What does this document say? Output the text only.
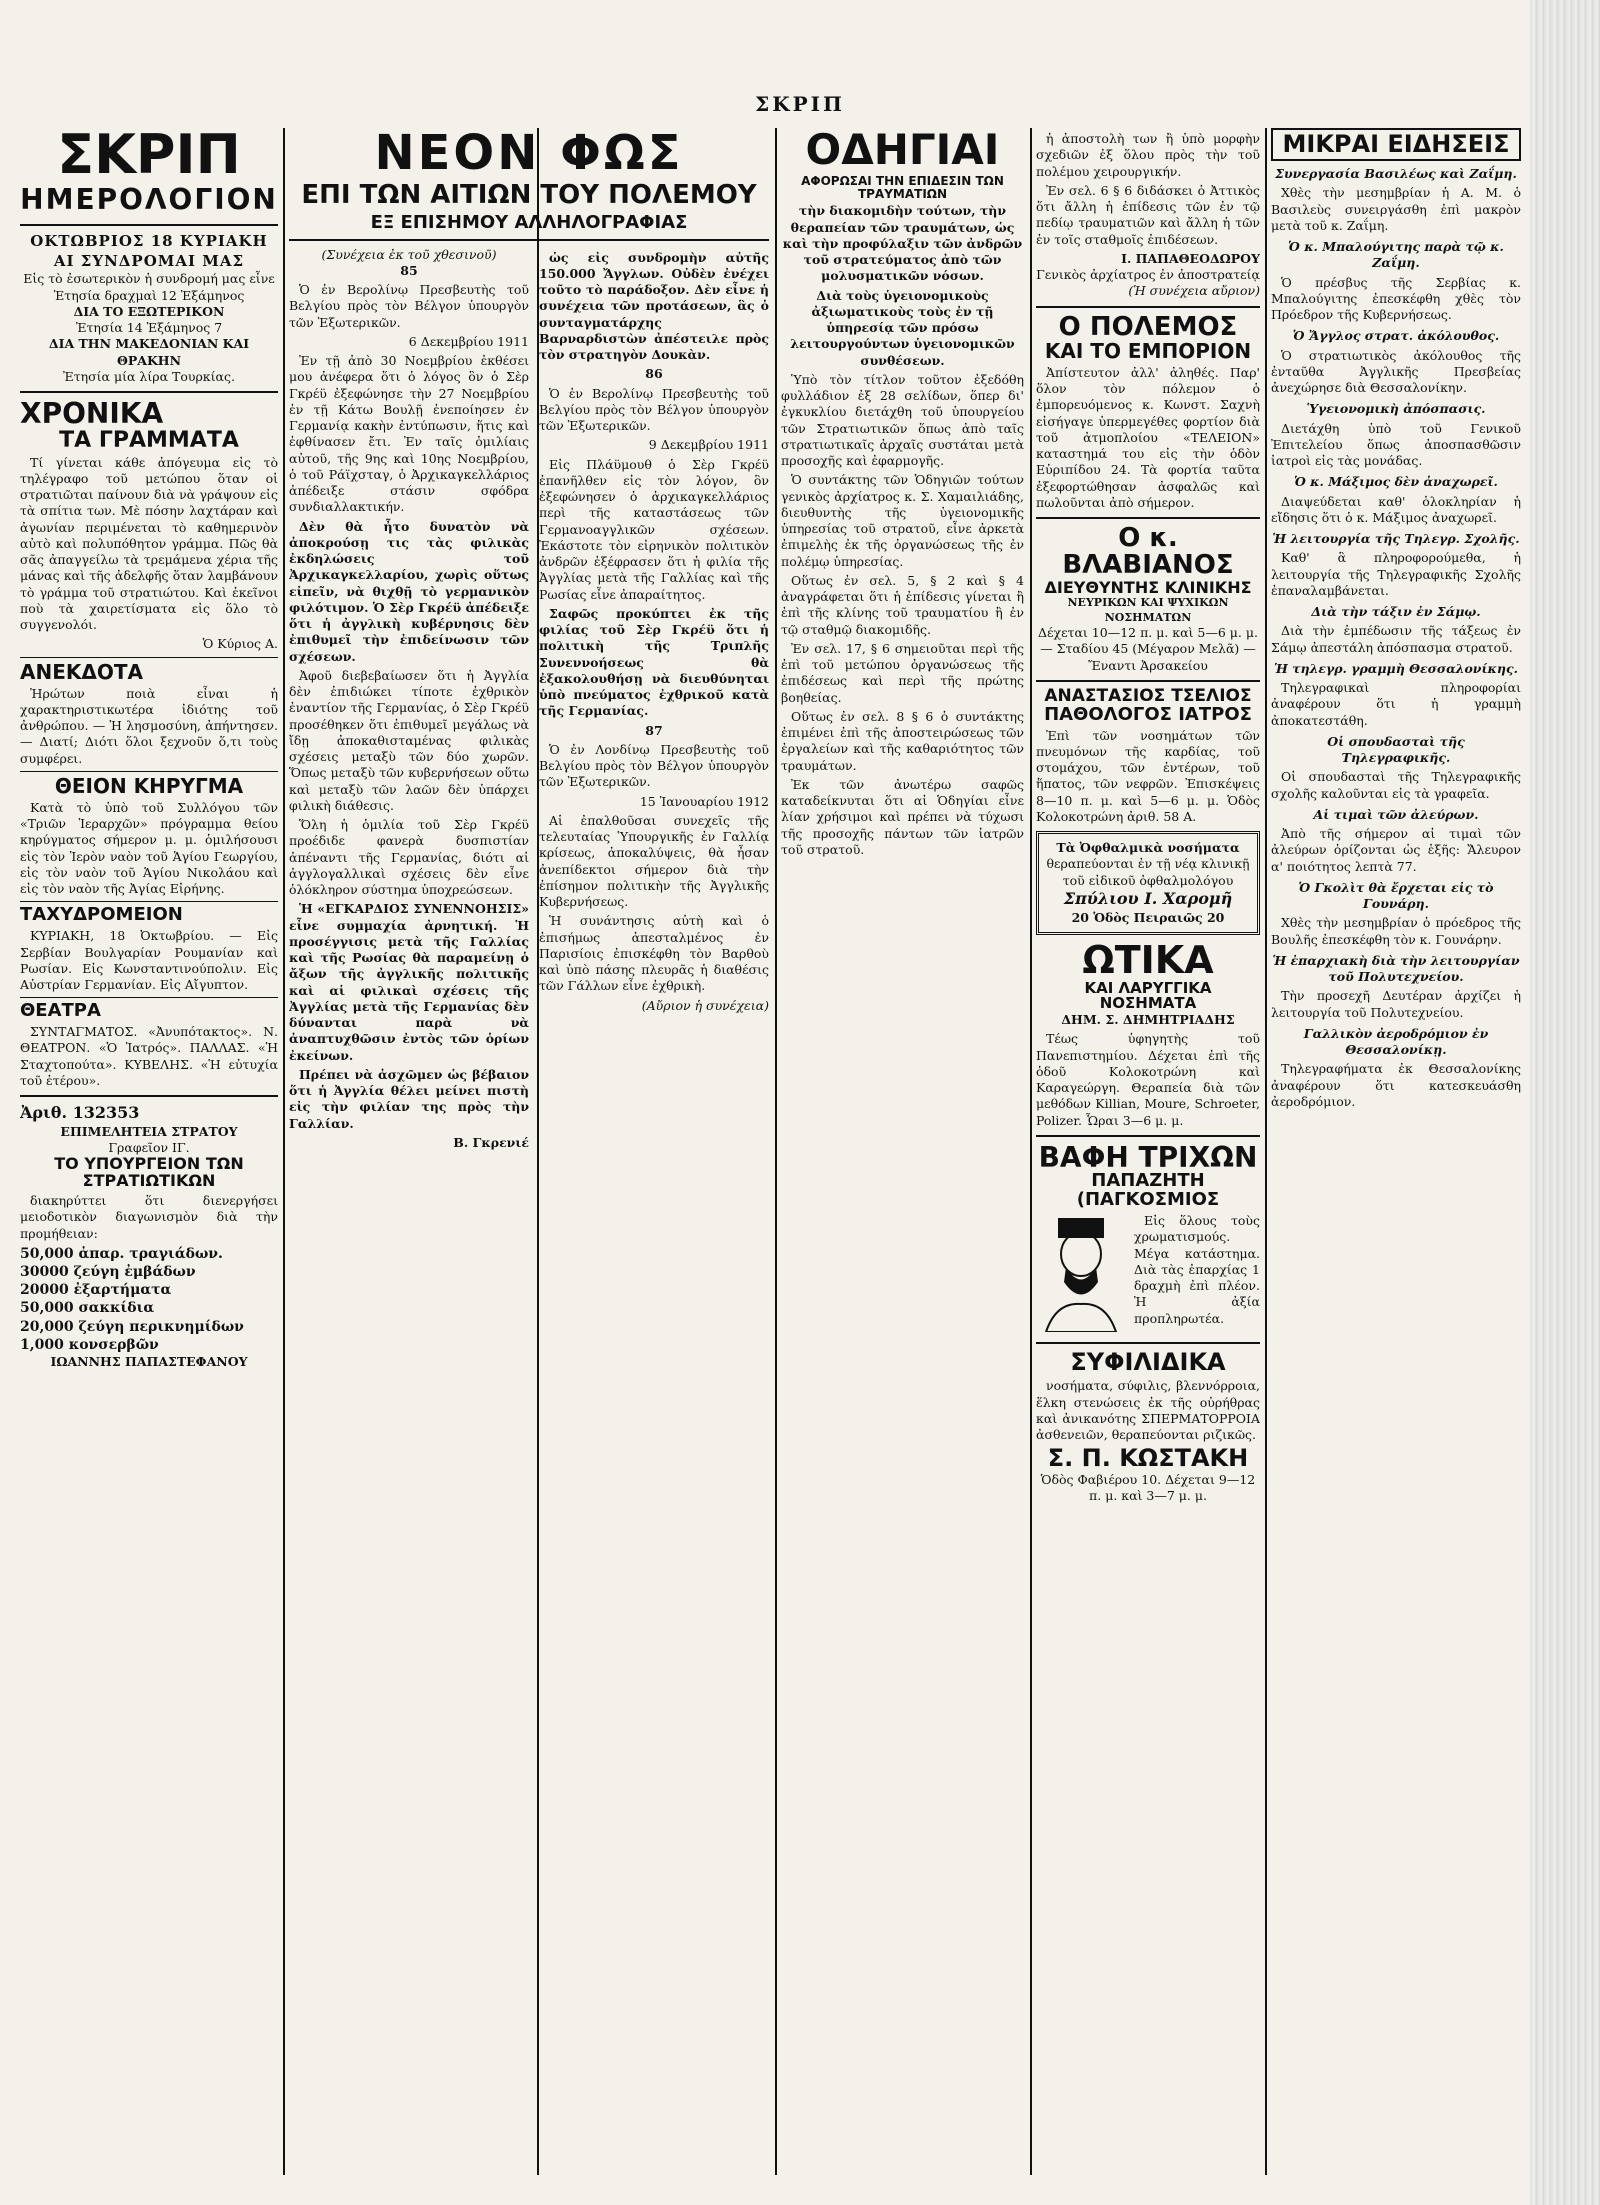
ΣΚΡΙΠ
ΣΚΡΙΠ
ΗΜΕΡΟΛΟΓΙΟΝ
ΟΚΤΩΒΡΙΟΣ 18 ΚΥΡΙΑΚΗ
ΑΙ ΣΥΝΔΡΟΜΑΙ ΜΑΣ
Εἰς τὸ ἐσωτερικὸν ἡ συνδρομή μας εἶνε
Ἐτησία δραχμαὶ 12 Ἑξάμηνος
ΔΙΑ ΤΟ ΕΞΩΤΕΡΙΚΟΝ
Ἐτησία 14 Ἑξάμηνος 7
ΔΙΑ ΤΗΝ ΜΑΚΕΔΟΝΙΑΝ ΚΑΙ ΘΡΑΚΗΝ
Ἐτησία μία λίρα Τουρκίας.
ΧΡΟΝΙΚΑ
ΤΑ ΓΡΑΜΜΑΤΑ
Τί γίνεται κάθε ἀπόγευμα εἰς τὸ τηλέγραφο τοῦ μετώπου ὅταν οἱ στρατιῶται παίνουν διὰ νὰ γράψουν εἰς τὰ σπίτια των. Μὲ πόσην λαχτάραν καὶ ἀγωνίαν περιμένεται τὸ καθημερινὸν αὐτὸ καὶ πολυπόθητον γράμμα. Πῶς θὰ σᾶς ἀπαγγείλω τὰ τρεμάμενα χέρια τῆς μάνας καὶ τῆς ἀδελφῆς ὅταν λαμβάνουν τὸ γράμμα τοῦ στρατιώτου. Καὶ ἐκεῖνοι ποὺ τὰ χαιρετίσματα εἰς ὅλο τὸ συγγενολόι.
Ὁ Κύριος Α.
ΑΝΕΚΔΟΤΑ
Ἠρώτων ποιὰ εἶναι ἡ χαρακτηριστικωτέρα ἰδιότης τοῦ ἀνθρώπου. — Ἡ λησμοσύνη, ἀπήντησεν. — Διατί; Διότι ὅλοι ξεχνοῦν ὅ,τι τοὺς συμφέρει.
ΘΕΙΟΝ ΚΗΡΥΓΜΑ
Κατὰ τὸ ὑπὸ τοῦ Συλλόγου τῶν «Τριῶν Ἱεραρχῶν» πρόγραμμα θείου κηρύγματος σήμερον μ. μ. ὁμιλήσουσι εἰς τὸν Ἱερὸν ναὸν τοῦ Ἁγίου Γεωργίου, εἰς τὸν ναὸν τοῦ Ἁγίου Νικολάου καὶ εἰς τὸν ναὸν τῆς Ἀγίας Εἰρήνης.
ΤΑΧΥΔΡΟΜΕΙΟΝ
ΚΥΡΙΑΚΗ, 18 Ὀκτωβρίου. — Εἰς Σερβίαν Βουλγαρίαν Ρουμανίαν καὶ Ρωσίαν. Εἰς Κωνσταντινούπολιν. Εἰς Αὐστρίαν Γερμανίαν. Εἰς Αἴγυπτον.
ΘΕΑΤΡΑ
ΣΥΝΤΑΓΜΑΤΟΣ. «Ἀνυπότακτος». Ν. ΘΕΑΤΡΟΝ. «Ὁ Ἰατρός». ΠΑΛΛΑΣ. «Ἡ Σταχτοπούτα». ΚΥΒΕΛΗΣ. «Ἡ εὐτυχία τοῦ ἐτέρου».
Ἀριθ. 132353
ΕΠΙΜΕΛΗΤΕΙΑ ΣΤΡΑΤΟΥ
Γραφεῖον ΙΓ.
ΤΟ ΥΠΟΥΡΓΕΙΟΝ ΤΩΝ ΣΤΡΑΤΙΩΤΙΚΩΝ
διακηρύττει ὅτι διενεργήσει μειοδοτικὸν διαγωνισμὸν διὰ τὴν προμήθειαν:
50,000 ἀπαρ. τραγιάδων.
30000 ζεύγη ἐμβάδων
20000 ἐξαρτήματα
50,000 σακκίδια
20,000 ζεύγη περικνημίδων
1,000 κονσερβῶν
ΙΩΑΝΝΗΣ ΠΑΠΑΣΤΕΦΑΝΟΥ
ΝΕΟΝ ΦΩΣ
ΕΠΙ ΤΩΝ ΑΙΤΙΩΝ ΤΟΥ ΠΟΛΕΜΟΥ
ΕΞ ΕΠΙΣΗΜΟΥ ΑΛΛΗΛΟΓΡΑΦΙΑΣ
(Συνέχεια ἐκ τοῦ χθεσινοῦ)
85
Ὁ ἐν Βερολίνῳ Πρεσβευτὴς τοῦ Βελγίου πρὸς τὸν Βέλγον ὑπουργὸν τῶν Ἐξωτερικῶν.
6 Δεκεμβρίου 1911
Ἐν τῇ ἀπὸ 30 Νοεμβρίου ἐκθέσει μου ἀνέφερα ὅτι ὁ λόγος ὃν ὁ Σὲρ Γκρέϋ ἐξεφώνησε τὴν 27 Νοεμβρίου ἐν τῇ Κάτω Βουλῇ ἐνεποίησεν ἐν Γερμανίᾳ κακὴν ἐντύπωσιν, ἥτις καὶ ἐφθίνασεν ἔτι. Ἐν ταῖς ὁμιλίαις αὐτοῦ, τῆς 9ης καὶ 10ης Νοεμβρίου, ὁ τοῦ Ράϊχσταγ, ὁ Ἀρχικαγκελλάριος ἀπέδειξε στάσιν σφόδρα συνδιαλλακτικήν.
Δὲν θὰ ἦτο δυνατὸν νὰ ἀποκρούσῃ τις τὰς φιλικὰς ἐκδηλώσεις τοῦ Ἀρχικαγκελλαρίου, χωρὶς οὕτως εἰπεῖν, νὰ θιχθῇ τὸ γερμανικὸν φιλότιμον. Ὁ Σὲρ Γκρέϋ ἀπέδειξε ὅτι ἡ ἀγγλικὴ κυβέρνησις δὲν ἐπιθυμεῖ τὴν ἐπιδείνωσιν τῶν σχέσεων.
Ἀφοῦ διεβεβαίωσεν ὅτι ἡ Ἀγγλία δὲν ἐπιδιώκει τίποτε ἐχθρικὸν ἐναντίον τῆς Γερμανίας, ὁ Σὲρ Γκρέϋ προσέθηκεν ὅτι ἐπιθυμεῖ μεγάλως νὰ ἴδῃ ἀποκαθισταμένας φιλικὰς σχέσεις μεταξὺ τῶν δύο χωρῶν. Ὅπως μεταξὺ τῶν κυβερνήσεων οὕτω καὶ μεταξὺ τῶν λαῶν δὲν ὑπάρχει φιλικὴ διάθεσις.
Ὅλη ἡ ὁμιλία τοῦ Σὲρ Γκρέϋ προέδιδε φανερὰ δυσπιστίαν ἀπέναντι τῆς Γερμανίας, διότι αἱ ἀγγλογαλλικαὶ σχέσεις δὲν εἶνε ὁλόκληρον σύστημα ὑποχρεώσεων.
Ἡ «ΕΓΚΑΡΔΙΟΣ ΣΥΝΕΝΝΟΗΣΙΣ» εἶνε συμμαχία ἀρνητική. Ἡ προσέγγισις μετὰ τῆς Γαλλίας καὶ τῆς Ρωσίας θὰ παραμείνῃ ὁ ἄξων τῆς ἀγγλικῆς πολιτικῆς καὶ αἱ φιλικαὶ σχέσεις τῆς Ἀγγλίας μετὰ τῆς Γερμανίας δὲν δύνανται παρὰ νὰ ἀναπτυχθῶσιν ἐντὸς τῶν ὁρίων ἐκείνων.
Πρέπει νὰ ἀσχῶμεν ὡς βέβαιον ὅτι ἡ Ἀγγλία θέλει μείνει πιστὴ εἰς τὴν φιλίαν της πρὸς τὴν Γαλλίαν.
Β. Γκρενιέ
ὡς εἰς συνδρομὴν αὐτῆς 150.000 Ἄγγλων. Οὐδὲν ἐνέχει τοῦτο τὸ παράδοξον. Δὲν εἶνε ἡ συνέχεια τῶν προτάσεων, ἃς ὁ συνταγματάρχης Βαρναρδιστὼν ἀπέστειλε πρὸς τὸν στρατηγὸν Δουκὰν.
86
Ὁ ἐν Βερολίνῳ Πρεσβευτὴς τοῦ Βελγίου πρὸς τὸν Βέλγον ὑπουργὸν τῶν Ἐξωτερικῶν.
9 Δεκεμβρίου 1911
Εἰς Πλάϋμουθ ὁ Σὲρ Γκρέϋ ἐπανῆλθεν εἰς τὸν λόγον, ὃν ἐξεφώνησεν ὁ ἀρχικαγκελλάριος περὶ τῆς καταστάσεως τῶν Γερμανοαγγλικῶν σχέσεων. Ἐκάστοτε τὸν εἰρηνικὸν πολιτικὸν ἀνδρῶν ἐξέφρασεν ὅτι ἡ φιλία τῆς Ἀγγλίας μετὰ τῆς Γαλλίας καὶ τῆς Ρωσίας εἶνε ἀπαραίτητος.
Σαφῶς προκύπτει ἐκ τῆς φιλίας τοῦ Σὲρ Γκρέϋ ὅτι ἡ πολιτικὴ τῆς Τριπλῆς Συνεννοήσεως θὰ ἐξακολουθήσῃ νὰ διευθύνηται ὑπὸ πνεύματος ἐχθρικοῦ κατὰ τῆς Γερμανίας.
87
Ὁ ἐν Λονδίνῳ Πρεσβευτὴς τοῦ Βελγίου πρὸς τὸν Βέλγον ὑπουργὸν τῶν Ἐξωτερικῶν.
15 Ἰανουαρίου 1912
Αἱ ἐπαλθοῦσαι συνεχεῖς τῆς τελευταίας Ὑπουργικῆς ἐν Γαλλίᾳ κρίσεως, ἀποκαλύψεις, θὰ ἦσαν ἀνεπίδεκτοι σήμερον διὰ τὴν ἐπίσημον πολιτικὴν τῆς Ἀγγλικῆς Κυβερνήσεως.
Ἡ συνάντησις αὐτὴ καὶ ὁ ἐπισήμως ἀπεσταλμένος ἐν Παρισίοις ἐπισκέφθη τὸν Βαρθοὺ καὶ ὑπὸ πάσης πλευρᾶς ἡ διαθέσις τῶν Γάλλων εἶνε ἐχθρικὴ.
(Αὔριον ἡ συνέχεια)
ΟΔΗΓΙΑΙ
ΑΦΟΡΩΣΑΙ ΤΗΝ ΕΠΙΔΕΣΙΝ ΤΩΝ ΤΡΑΥΜΑΤΙΩΝ
τὴν διακομιδὴν τούτων, τὴν θεραπείαν τῶν τραυμάτων, ὡς καὶ τὴν προφύλαξιν τῶν ἀνδρῶν τοῦ στρατεύματος ἀπὸ τῶν μολυσματικῶν νόσων.
Διὰ τοὺς ὑγειονομικοὺς ἀξιωματικοὺς τοὺς ἐν τῇ ὑπηρεσίᾳ τῶν πρόσω λειτουργούντων ὑγειονομικῶν συνθέσεων.
Ὑπὸ τὸν τίτλον τοῦτον ἐξεδόθη φυλλάδιον ἐξ 28 σελίδων, ὅπερ δι' ἐγκυκλίου διετάχθη τοῦ ὑπουργείου τῶν Στρατιωτικῶν ὅπως ἀπὸ ταῖς στρατιωτικαῖς ἀρχαῖς συστάται μετὰ προσοχῆς καὶ ἐφαρμογῆς.
Ὁ συντάκτης τῶν Ὁδηγιῶν τούτων γενικὸς ἀρχίατρος κ. Σ. Χαμαιλιάδης, διευθυντὴς τῆς ὑγειονομικῆς ὑπηρεσίας τοῦ στρατοῦ, εἶνε ἀρκετὰ ἐπιμελὴς ἐκ τῆς ὀργανώσεως τῆς ἐν πολέμῳ ὑπηρεσίας.
Οὕτως ἐν σελ. 5, § 2 καὶ § 4 ἀναγράφεται ὅτι ἡ ἐπίδεσις γίνεται ἢ ἐπὶ τῆς κλίνης τοῦ τραυματίου ἢ ἐν τῷ σταθμῷ διακομιδῆς.
Ἐν σελ. 17, § 6 σημειοῦται περὶ τῆς ἐπὶ τοῦ μετώπου ὀργανώσεως τῆς ἐπιδέσεως καὶ περὶ τῆς πρώτης βοηθείας.
Οὕτως ἐν σελ. 8 § 6 ὁ συντάκτης ἐπιμένει ἐπὶ τῆς ἀποστειρώσεως τῶν ἐργαλείων καὶ τῆς καθαριότητος τῶν τραυμάτων.
Ἐκ τῶν ἀνωτέρω σαφῶς καταδείκνυται ὅτι αἱ Ὁδηγίαι εἶνε λίαν χρήσιμοι καὶ πρέπει νὰ τύχωσι τῆς προσοχῆς πάντων τῶν ἰατρῶν τοῦ στρατοῦ.
ἡ ἀποστολὴ των ἢ ὑπὸ μορφὴν σχεδιῶν ἐξ ὅλου πρὸς τὴν τοῦ πολέμου χειρουργικήν.
Ἐν σελ. 6 § 6 διδάσκει ὁ Ἀττικὸς ὅτι ἄλλη ἡ ἐπίδεσις τῶν ἐν τῷ πεδίῳ τραυματιῶν καὶ ἄλλη ἡ τῶν ἐν τοῖς σταθμοῖς ἐπιδέσεων.
Ι. ΠΑΠΑΘΕΟΔΩΡΟΥ
Γενικὸς ἀρχίατρος ἐν ἀποστρατείᾳ
(Ἡ συνέχεια αὔριον)
Ο ΠΟΛΕΜΟΣ
ΚΑΙ ΤΟ ΕΜΠΟΡΙΟΝ
Ἀπίστευτον ἀλλ' ἀληθές. Παρ' ὅλον τὸν πόλεμον ὁ ἐμπορευόμενος κ. Κωνστ. Σαχνὴ εἰσήγαγε ὑπερμεγέθες φορτίον διὰ τοῦ ἀτμοπλοίου «ΤΕΛΕΙΟΝ» καταστημά του εἰς τὴν ὁδὸν Εὐριπίδου 24. Τὰ φορτία ταῦτα ἐξεφορτώθησαν ἀσφαλῶς καὶ πωλοῦνται ἀπὸ σήμερον.
Ο κ. ΒΛΑΒΙΑΝΟΣ
ΔΙΕΥΘΥΝΤΗΣ ΚΛΙΝΙΚΗΣ
ΝΕΥΡΙΚΩΝ ΚΑΙ ΨΥΧΙΚΩΝ ΝΟΣΗΜΑΤΩΝ
Δέχεται 10—12 π. μ. καὶ 5—6 μ. μ. — Σταδίου 45 (Μέγαρον Μελᾶ) — Ἔναντι Ἀρσακείου
ΑΝΑΣΤΑΣΙΟΣ ΤΣΕΛΙΟΣ
ΠΑΘΟΛΟΓΟΣ ΙΑΤΡΟΣ
Ἐπὶ τῶν νοσημάτων τῶν πνευμόνων τῆς καρδίας, τοῦ στομάχου, τῶν ἐντέρων, τοῦ ἥπατος, τῶν νεφρῶν. Ἐπισκέψεις 8—10 π. μ. καὶ 5—6 μ. μ. Ὁδὸς Κολοκοτρώνη ἀριθ. 58 Α.
Τὰ Ὀφθαλμικὰ νοσήματα
θεραπεύονται ἐν τῇ νέᾳ κλινικῇ τοῦ εἰδικοῦ ὀφθαλμολόγου
Σπύλιου Ι. Χαρομῆ
20 Ὁδὸς Πειραιῶς 20
ΩΤΙΚΑ
ΚΑΙ ΛΑΡΥΓΓΙΚΑ ΝΟΣΗΜΑΤΑ
ΔΗΜ. Σ. ΔΗΜΗΤΡΙΑΔΗΣ
Τέως ὑφηγητὴς τοῦ Πανεπιστημίου. Δέχεται ἐπὶ τῆς ὁδοῦ Κολοκοτρώνη καὶ Καραγεώργη. Θεραπεία διὰ τῶν μεθόδων Killian, Moure, Schroeter, Polizer. Ὧραι 3—6 μ. μ.
ΒΑΦΗ ΤΡΙΧΩΝ
ΠΑΠΑΖΗΤΗ (ΠΑΓΚΟΣΜΙΟΣ
Εἰς ὅλους τοὺς χρωματισμούς. Μέγα κατάστημα. Διὰ τὰς ἐπαρχίας 1 δραχμὴ ἐπὶ πλέον. Ἡ ἀξία προπληρωτέα.
ΣΥΦΙΛΙΔΙΚΑ
νοσήματα, σύφιλις, βλεννόρροια, ἕλκη στενώσεις ἐκ τῆς οὐρήθρας καὶ ἀνικανότης ΣΠΕΡΜΑΤΟΡΡΟΙΑ ἀσθενειῶν, θεραπεύονται ριζικῶς.
Σ. Π. ΚΩΣΤΑΚΗ
Ὁδὸς Φαβιέρου 10. Δέχεται 9—12 π. μ. καὶ 3—7 μ. μ.
ΜΙΚΡΑΙ ΕΙΔΗΣΕΙΣ
Συνεργασία Βασιλέως καὶ Ζαΐμη.
Χθὲς τὴν μεσημβρίαν ἡ Α. Μ. ὁ Βασιλεὺς συνειργάσθη ἐπὶ μακρὸν μετὰ τοῦ κ. Ζαΐμη.
Ὁ κ. Μπαλούγιτης παρὰ τῷ κ. Ζαΐμη.
Ὁ πρέσβυς τῆς Σερβίας κ. Μπαλούγιτης ἐπεσκέφθη χθὲς τὸν Πρόεδρον τῆς Κυβερνήσεως.
Ὁ Ἄγγλος στρατ. ἀκόλουθος.
Ὁ στρατιωτικὸς ἀκόλουθος τῆς ἐνταῦθα Ἀγγλικῆς Πρεσβείας ἀνεχώρησε διὰ Θεσσαλονίκην.
Ὑγειονομικὴ ἀπόσπασις.
Διετάχθη ὑπὸ τοῦ Γενικοῦ Ἐπιτελείου ὅπως ἀποσπασθῶσιν ἰατροὶ εἰς τὰς μονάδας.
Ὁ κ. Μάξιμος δὲν ἀναχωρεῖ.
Διαψεύδεται καθ' ὁλοκληρίαν ἡ εἴδησις ὅτι ὁ κ. Μάξιμος ἀναχωρεῖ.
Ἡ λειτουργία τῆς Τηλεγρ. Σχολῆς.
Καθ' ἃ πληροφορούμεθα, ἡ λειτουργία τῆς Τηλεγραφικῆς Σχολῆς ἐπαναλαμβάνεται.
Διὰ τὴν τάξιν ἐν Σάμῳ.
Διὰ τὴν ἐμπέδωσιν τῆς τάξεως ἐν Σάμῳ ἀπεστάλη ἀπόσπασμα στρατοῦ.
Ἡ τηλεγρ. γραμμὴ Θεσσαλονίκης.
Τηλεγραφικαὶ πληροφορίαι ἀναφέρουν ὅτι ἡ γραμμὴ ἀποκατεστάθη.
Οἱ σπουδασταὶ τῆς Τηλεγραφικῆς.
Οἱ σπουδασταὶ τῆς Τηλεγραφικῆς σχολῆς καλοῦνται εἰς τὰ γραφεῖα.
Αἱ τιμαὶ τῶν ἀλεύρων.
Ἀπὸ τῆς σήμερον αἱ τιμαὶ τῶν ἀλεύρων ὁρίζονται ὡς ἑξῆς: Ἄλευρον α' ποιότητος λεπτὰ 77.
Ὁ Γκολὶτ θὰ ἔρχεται εἰς τὸ Γουνάρη.
Χθὲς τὴν μεσημβρίαν ὁ πρόεδρος τῆς Βουλῆς ἐπεσκέφθη τὸν κ. Γουνάρην.
Ἡ ἐπαρχιακὴ διὰ τὴν λειτουργίαν τοῦ Πολυτεχνείου.
Τὴν προσεχῆ Δευτέραν ἀρχίζει ἡ λειτουργία τοῦ Πολυτεχνείου.
Γαλλικὸν ἀεροδρόμιον ἐν Θεσσαλονίκῃ.
Τηλεγραφήματα ἐκ Θεσσαλονίκης ἀναφέρουν ὅτι κατεσκευάσθη ἀεροδρόμιον.
